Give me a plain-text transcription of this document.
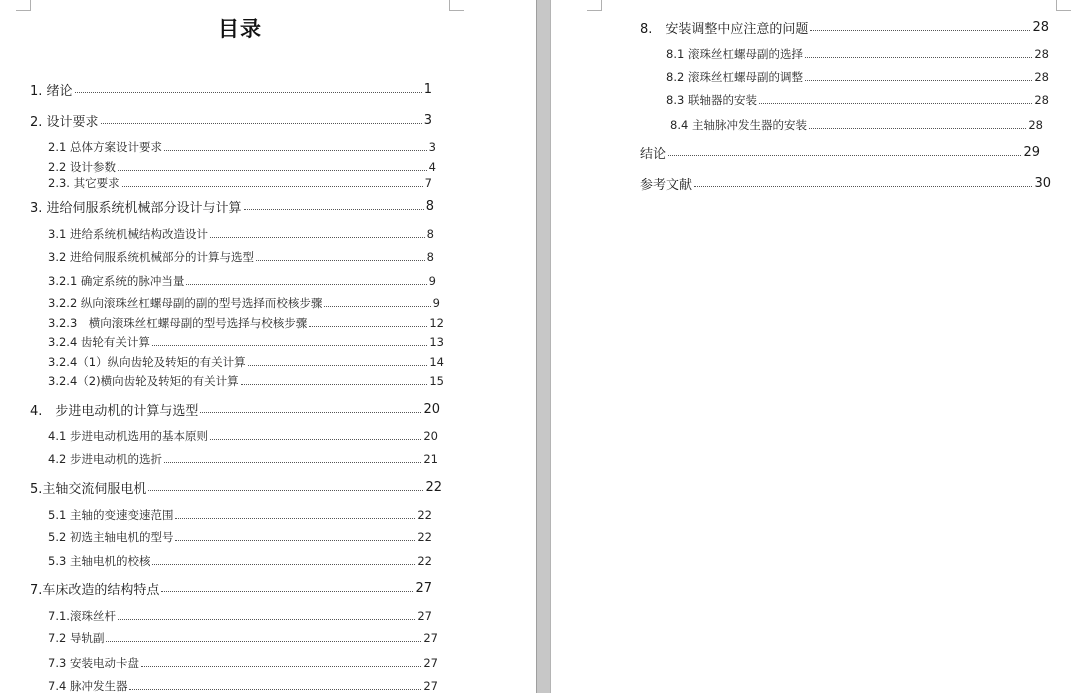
目录
1. 绪论	1
2. 设计要求	3
2.1 总体方案设计要求	3
2.2 设计参数	4
2.3. 其它要求	7
3. 进给伺服系统机械部分设计与计算	8
3.1 进给系统机械结构改造设计	8
3.2 进给伺服系统机械部分的计算与选型	8
3.2.1 确定系统的脉冲当量	9
3.2.2 纵向滚珠丝杠螺母副的副的型号选择而校核步骤	9
3.2.3　横向滚珠丝杠螺母副的型号选择与校核步骤	12
3.2.4 齿轮有关计算	13
3.2.4（1）纵向齿轮及转矩的有关计算	14
3.2.4（2)横向齿轮及转矩的有关计算	15
4.　步进电动机的计算与选型	20
4.1 步进电动机选用的基本原则	20
4.2 步进电动机的选折	21
5.主轴交流伺服电机	22
5.1 主轴的变速变速范围	22
5.2 初选主轴电机的型号	22
5.3 主轴电机的校核	22
7.车床改造的结构特点	27
7.1.滚珠丝杆	27
7.2 导轨副	27
7.3 安装电动卡盘	27
7.4 脉冲发生器	27
8.　安装调整中应注意的问题	28
8.1 滚珠丝杠螺母副的选择	28
8.2 滚珠丝杠螺母副的调整	28
8.3 联轴器的安装	28
8.4 主轴脉冲发生器的安装	28
结论	29
参考文献	30
